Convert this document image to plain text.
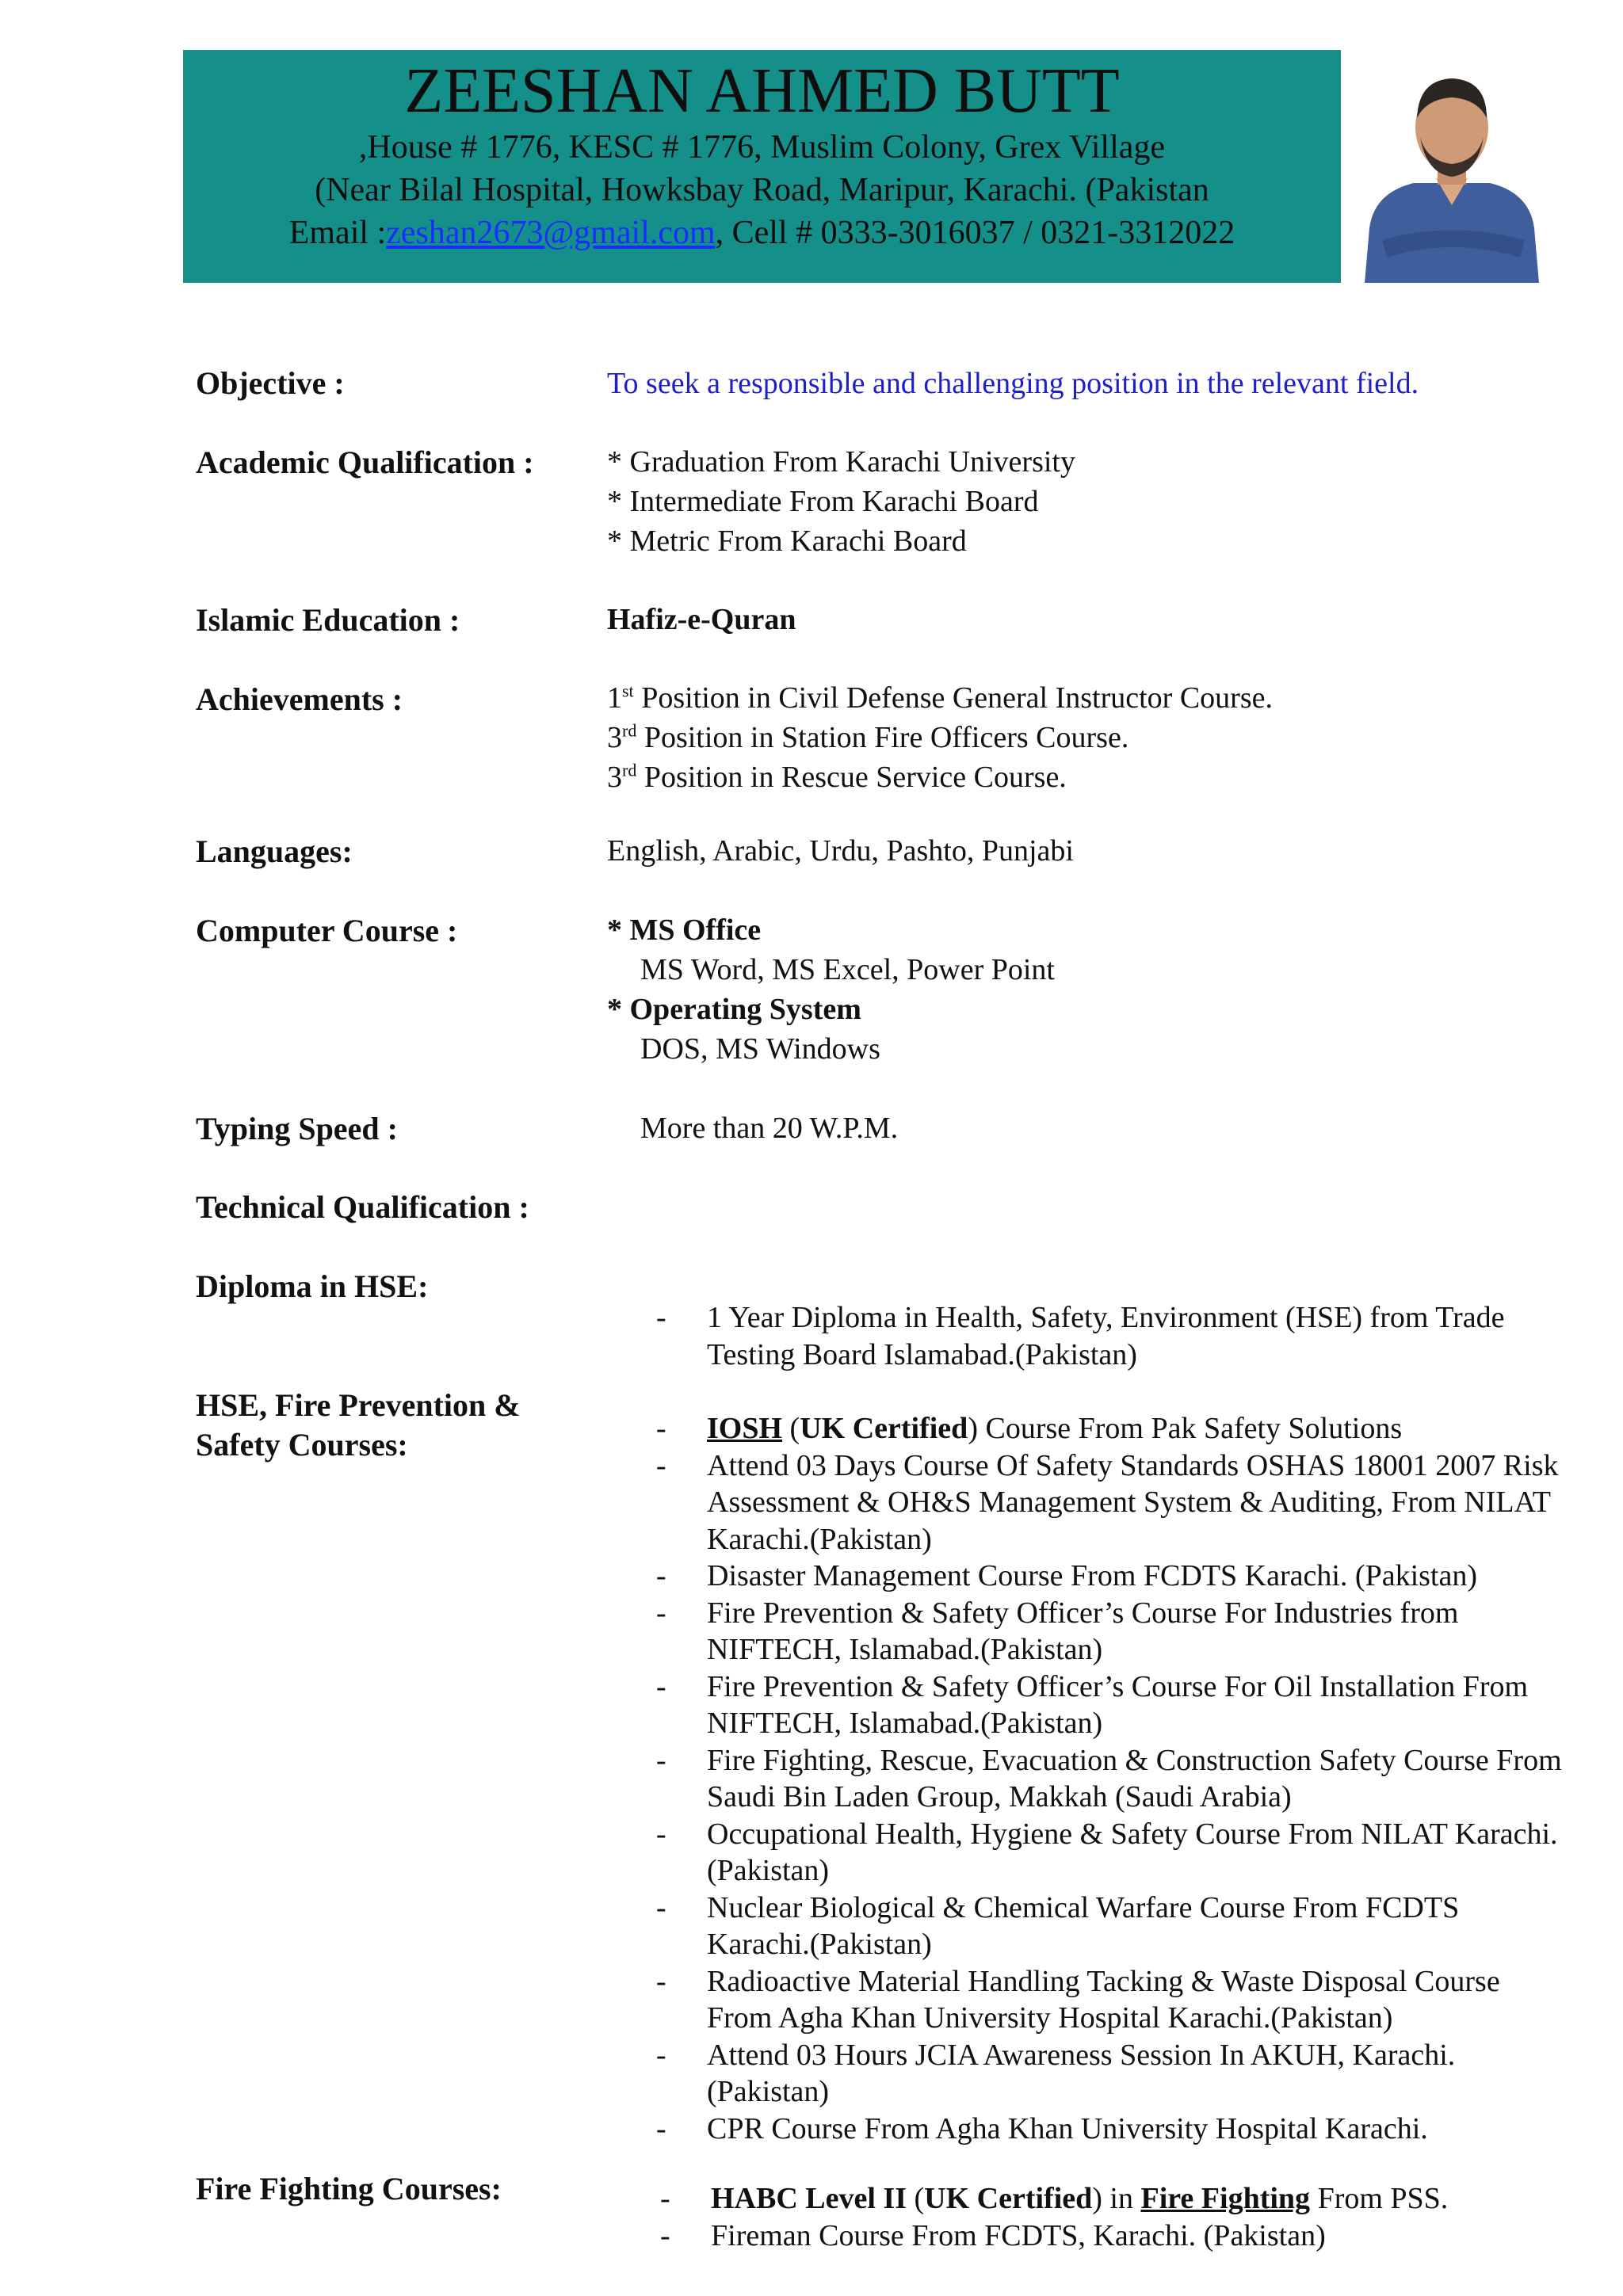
ZEESHAN AHMED BUTT
,House # 1776, KESC # 1776, Muslim Colony, Grex Village
(Near Bilal Hospital, Howksbay Road, Maripur, Karachi. (Pakistan
Email :zeshan2673@gmail.com, Cell # 0333-3016037 / 0321-3312022
Objective :	To seek a responsible and challenging position in the relevant field.
Academic Qualification : * Graduation From Karachi University
* Intermediate From Karachi Board
* Metric From Karachi Board
Islamic Education :	Hafiz-e-Quran
Achievements :	1st Position in Civil Defense General Instructor Course.
3rd Position in Station Fire Officers Course.
3rd Position in Rescue Service Course.
Languages:	English, Arabic, Urdu, Pashto, Punjabi
Computer Course :	* MS Office
MS Word, MS Excel, Power Point
* Operating System
DOS, MS Windows
Typing Speed :	More than 20 W.P.M.
Technical Qualification :
Diploma in HSE:
- 1 Year Diploma in Health, Safety, Environment (HSE) from Trade Testing Board Islamabad.(Pakistan)
HSE, Fire Prevention &
Safety Courses:	- IOSH (UK Certified) Course From Pak Safety Solutions
- Attend 03 Days Course Of Safety Standards OSHAS 18001 2007 Risk Assessment & OH&S Management System & Auditing, From NILAT Karachi.(Pakistan)
- Disaster Management Course From FCDTS Karachi. (Pakistan)
- Fire Prevention & Safety Officer’s Course For Industries from NIFTECH, Islamabad.(Pakistan)
- Fire Prevention & Safety Officer’s Course For Oil Installation From NIFTECH, Islamabad.(Pakistan)
- Fire Fighting, Rescue, Evacuation & Construction Safety Course From Saudi Bin Laden Group, Makkah (Saudi Arabia)
- Occupational Health, Hygiene & Safety Course From NILAT Karachi.(Pakistan)
- Nuclear Biological & Chemical Warfare Course From FCDTS Karachi.(Pakistan)
- Radioactive Material Handling Tacking & Waste Disposal Course From Agha Khan University Hospital Karachi.(Pakistan)
- Attend 03 Hours JCIA Awareness Session In AKUH, Karachi. (Pakistan)
- CPR Course From Agha Khan University Hospital Karachi.
Fire Fighting Courses:	- HABC Level II (UK Certified) in Fire Fighting From PSS.
- Fireman Course From FCDTS, Karachi. (Pakistan)
